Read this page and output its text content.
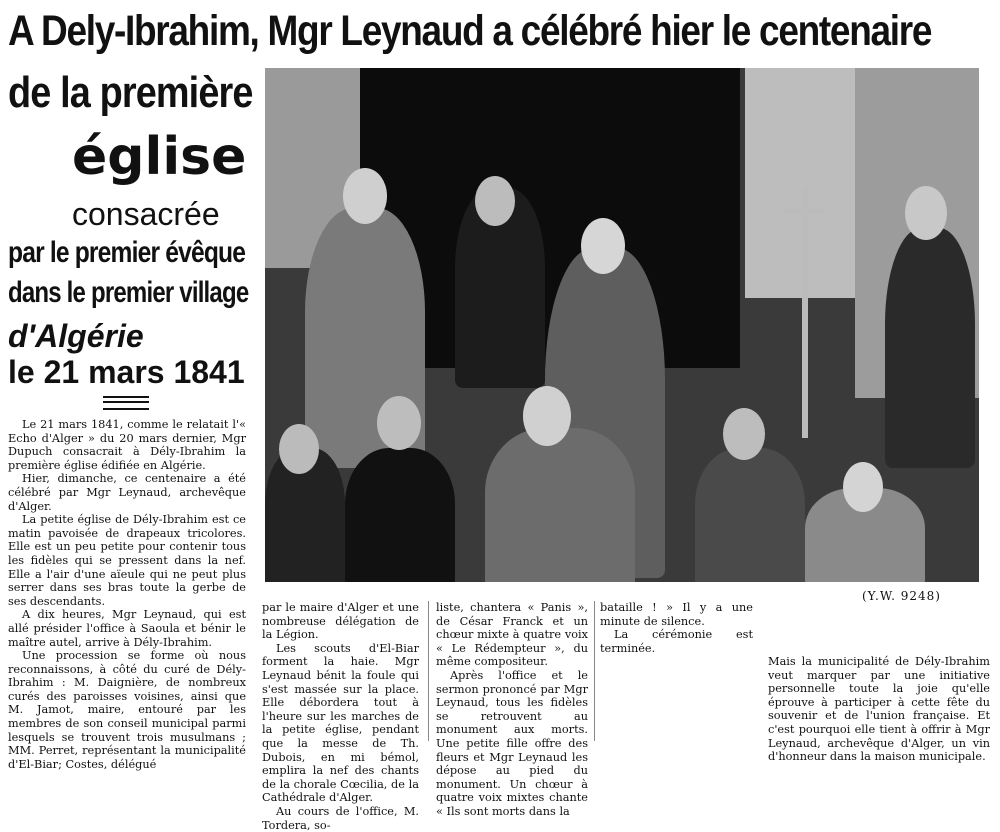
A Dely-Ibrahim, Mgr Leynaud a célébré hier le centenaire
de la première
église
consacrée
par le premier évêque
dans le premier village
d'Algérie
le 21 mars 1841
(Y.W. 9248)

Le 21 mars 1841, comme le relatait l'« Echo d'Alger » du 20 mars dernier, Mgr Dupuch consacrait à Dély-Ibrahim la première église édifiée en Algérie.

Hier, dimanche, ce centenaire a été célébré par Mgr Leynaud, archevêque d'Alger.

La petite église de Dély-Ibrahim est ce matin pavoisée de drapeaux tricolores. Elle est un peu petite pour contenir tous les fidèles qui se pressent dans la nef. Elle a l'air d'une aïeule qui ne peut plus serrer dans ses bras toute la gerbe de ses descendants.

A dix heures, Mgr Leynaud, qui est allé présider l'office à Saoula et bénir le maître autel, arrive à Dély-Ibrahim.

Une procession se forme où nous reconnaissons, à côté du curé de Dély-Ibrahim : M. Daignière, de nombreux curés des paroisses voisines, ainsi que M. Jamot, maire, entouré par les membres de son conseil municipal parmi lesquels se trouvent trois musulmans ; MM. Perret, représentant la municipalité d'El-Biar; Costes, délégué

par le maire d'Alger et une nombreuse délégation de la Légion.

Les scouts d'El-Biar forment la haie. Mgr Leynaud bénit la foule qui s'est massée sur la place. Elle débordera tout à l'heure sur les marches de la petite église, pendant que la messe de Th. Dubois, en mi bémol, emplira la nef des chants de la chorale Cœcilia, de la Cathédrale d'Alger.

Au cours de l'office, M. Tordera, so-

liste, chantera « Panis », de César Franck et un chœur mixte à quatre voix « Le Rédempteur », du même compositeur.

Après l'office et le sermon prononcé par Mgr Leynaud, tous les fidèles se retrouvent au monument aux morts. Une petite fille offre des fleurs et Mgr Leynaud les dépose au pied du monument. Un chœur à quatre voix mixtes chante « Ils sont morts dans la

bataille ! » Il y a une minute de silence.

La cérémonie est terminée.

Mais la municipalité de Dély-Ibrahim veut marquer par une initiative personnelle toute la joie qu'elle éprouve à participer à cette fête du souvenir et de l'union française. Et c'est pourquoi elle tient à offrir à Mgr Leynaud, archevêque d'Alger, un vin d'honneur dans la maison municipale.
